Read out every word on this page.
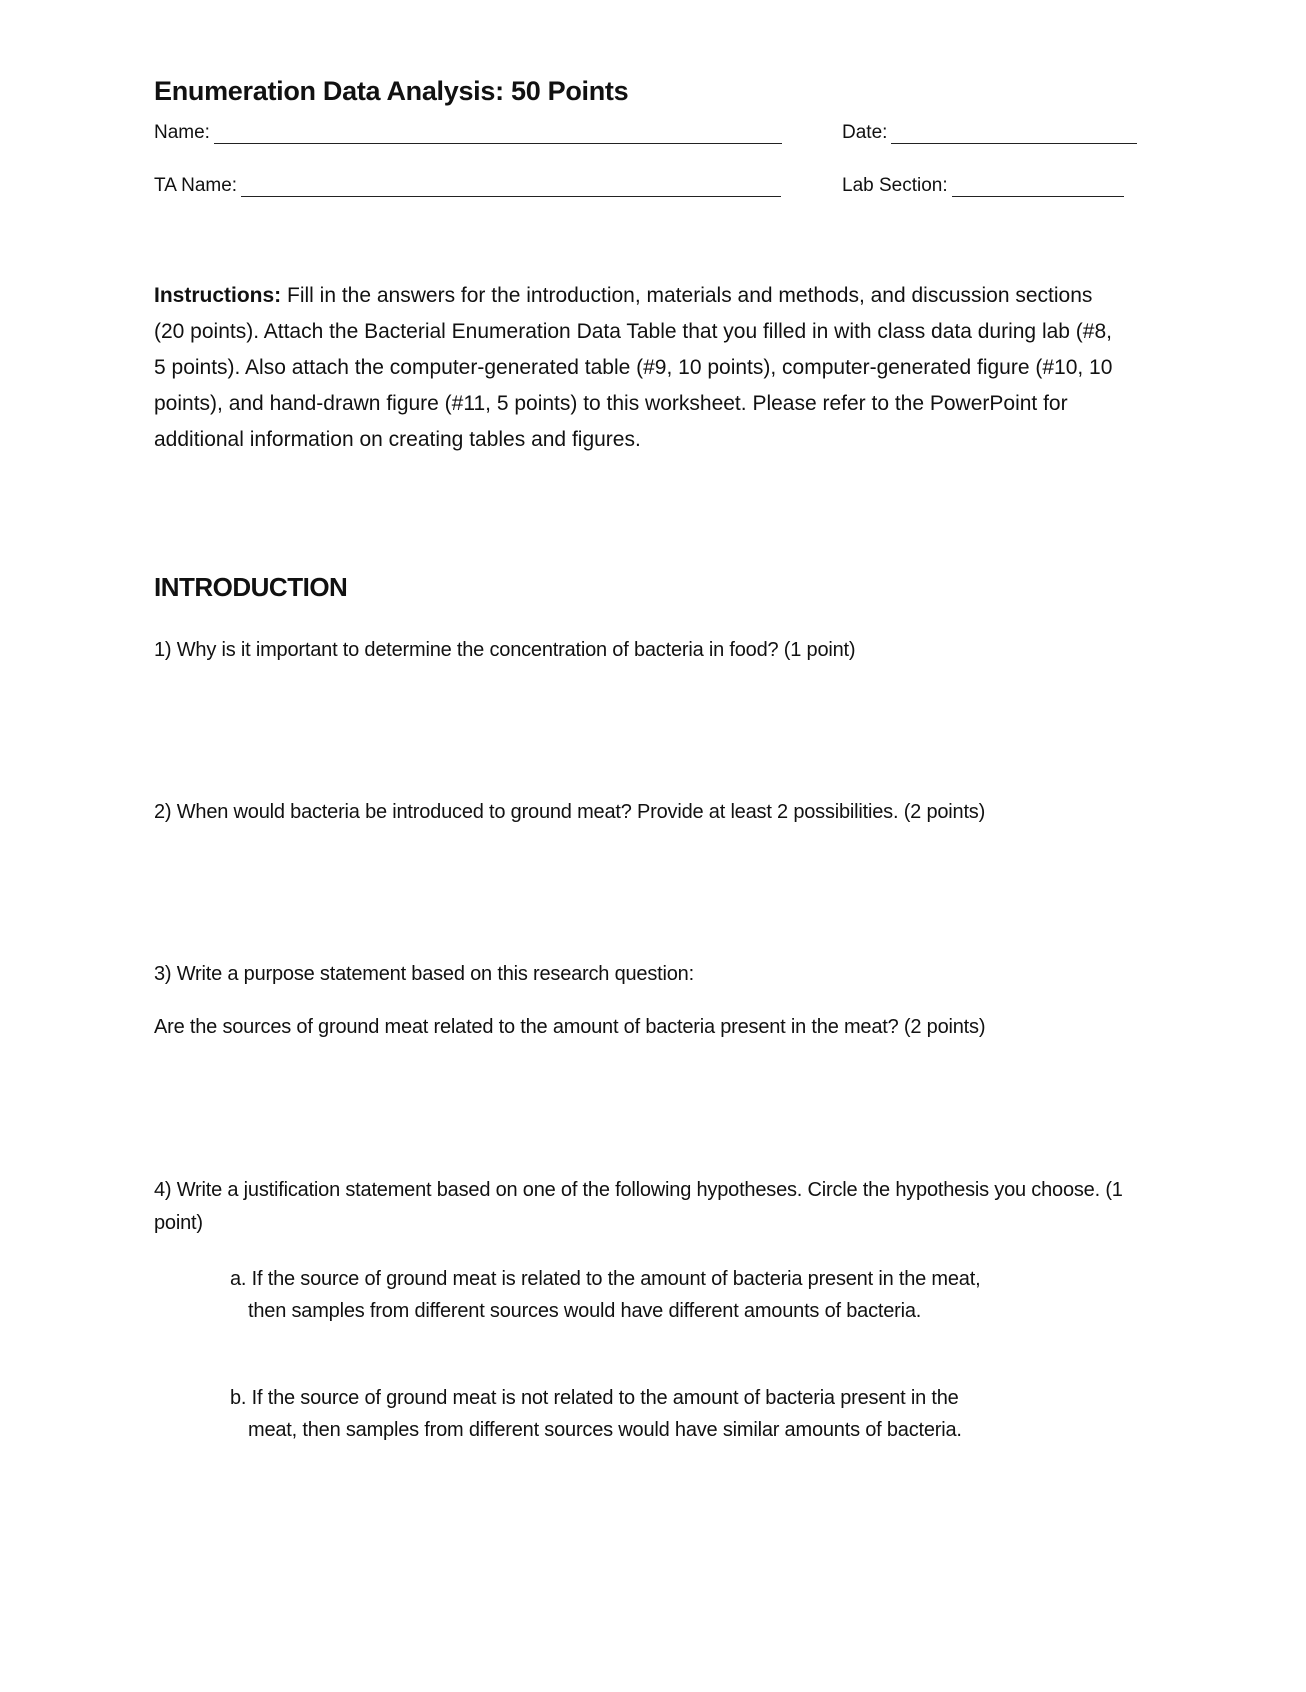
Enumeration Data Analysis: 50 Points
Name:	Date:
TA Name:	Lab Section:

Instructions: Fill in the answers for the introduction, materials and methods, and discussion sections (20 points). Attach the Bacterial Enumeration Data Table that you filled in with class data during lab (#8, 5 points). Also attach the computer-generated table (#9, 10 points), computer-generated figure (#10, 10 points), and hand-drawn figure (#11, 5 points) to this worksheet. Please refer to the PowerPoint for additional information on creating tables and figures.

INTRODUCTION

1) Why is it important to determine the concentration of bacteria in food? (1 point)

2) When would bacteria be introduced to ground meat? Provide at least 2 possibilities. (2 points)

3) Write a purpose statement based on this research question:

Are the sources of ground meat related to the amount of bacteria present in the meat? (2 points)

4) Write a justification statement based on one of the following hypotheses. Circle the hypothesis you choose. (1 point)

a. If the source of ground meat is related to the amount of bacteria present in the meat, then samples from different sources would have different amounts of bacteria.

b. If the source of ground meat is not related to the amount of bacteria present in the meat, then samples from different sources would have similar amounts of bacteria.
